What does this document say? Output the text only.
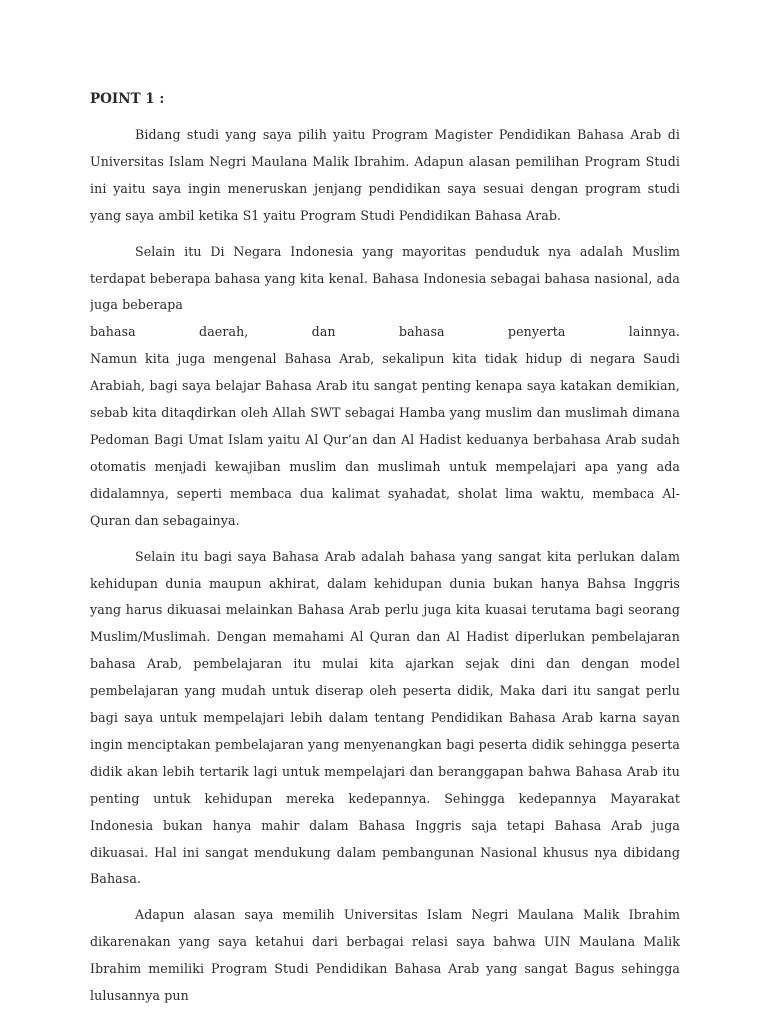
POINT 1 :

Bidang studi yang saya pilih yaitu Program Magister Pendidikan Bahasa Arab di Universitas Islam Negri Maulana Malik Ibrahim. Adapun alasan pemilihan Program Studi ini yaitu saya ingin meneruskan jenjang pendidikan saya sesuai dengan program studi yang saya ambil ketika S1 yaitu Program Studi Pendidikan Bahasa Arab.

Selain itu Di Negara Indonesia yang mayoritas penduduk nya adalah Muslim terdapat beberapa bahasa yang kita kenal. Bahasa Indonesia sebagai bahasa nasional, ada juga beberapa
bahasa daerah, dan bahasa penyerta lainnya.
Namun kita juga mengenal Bahasa Arab, sekalipun kita tidak hidup di negara Saudi Arabiah, bagi saya belajar Bahasa Arab itu sangat penting kenapa saya katakan demikian, sebab kita ditaqdirkan oleh Allah SWT sebagai Hamba yang muslim dan muslimah dimana Pedoman Bagi Umat Islam yaitu Al Qur’an dan Al Hadist keduanya berbahasa Arab sudah otomatis menjadi kewajiban muslim dan muslimah untuk mempelajari apa yang ada didalamnya, seperti membaca dua kalimat syahadat, sholat lima waktu, membaca Al-Quran dan sebagainya.

Selain itu bagi saya Bahasa Arab adalah bahasa yang sangat kita perlukan dalam kehidupan dunia maupun akhirat, dalam kehidupan dunia bukan hanya Bahsa Inggris yang harus dikuasai melainkan Bahasa Arab perlu juga kita kuasai terutama bagi seorang Muslim/Muslimah. Dengan memahami Al Quran dan Al Hadist diperlukan pembelajaran bahasa Arab, pembelajaran itu mulai kita ajarkan sejak dini dan dengan model pembelajaran yang mudah untuk diserap oleh peserta didik, Maka dari itu sangat perlu bagi saya untuk mempelajari lebih dalam tentang Pendidikan Bahasa Arab karna sayan ingin menciptakan pembelajaran yang menyenangkan bagi peserta didik sehingga peserta didik akan lebih tertarik lagi untuk mempelajari dan beranggapan bahwa Bahasa Arab itu penting untuk kehidupan mereka kedepannya. Sehingga kedepannya Mayarakat Indonesia bukan hanya mahir dalam Bahasa Inggris saja tetapi Bahasa Arab juga dikuasai. Hal ini sangat mendukung dalam pembangunan Nasional khusus nya dibidang Bahasa.

Adapun alasan saya memilih Universitas Islam Negri Maulana Malik Ibrahim dikarenakan yang saya ketahui dari berbagai relasi saya bahwa UIN Maulana Malik Ibrahim memiliki Program Studi Pendidikan Bahasa Arab yang sangat Bagus sehingga lulusannya pun
